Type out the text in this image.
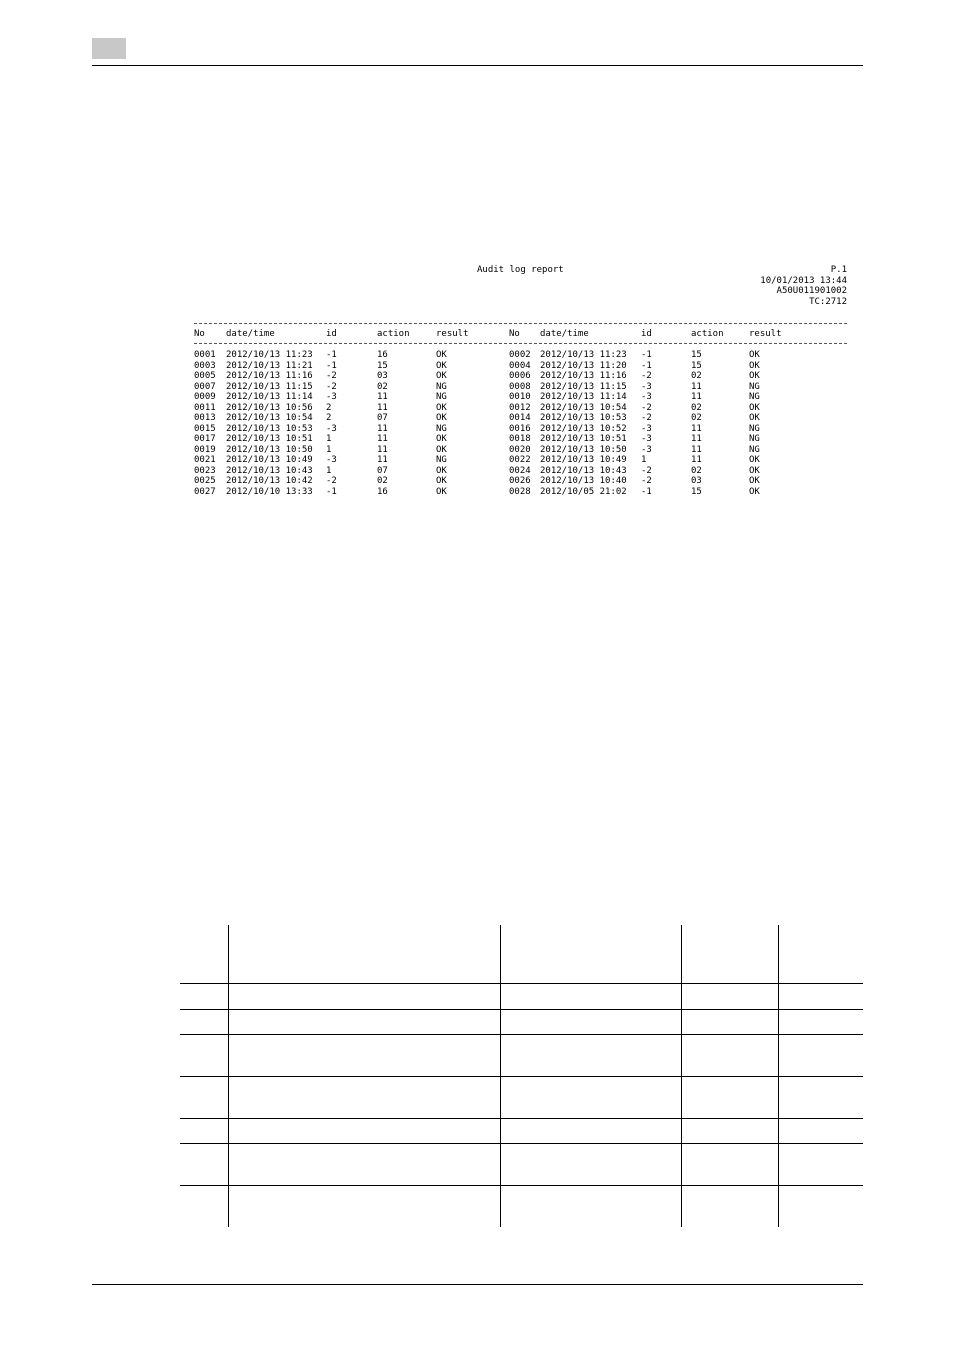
Audit log report	P.1
10/01/2013 13:44
A50U011901002
TC:2712
No date/time	id	action	result	No date/time	id	action	result
0001 2012/10/13 11:23 -1	16	OK	0002 2012/10/13 11:23 -1	15	OK
0003 2012/10/13 11:21 -1	15	OK	0004 2012/10/13 11:20 -1	15	OK
0005 2012/10/13 11:16 -2	03	OK	0006 2012/10/13 11:16 -2	02	OK
0007 2012/10/13 11:15 -2	02	NG	0008 2012/10/13 11:15 -3	11	NG
0009 2012/10/13 11:14 -3	11	NG	0010 2012/10/13 11:14 -3	11	NG
0011 2012/10/13 10:56 2	11	OK	0012 2012/10/13 10:54 -2	02	OK
0013 2012/10/13 10:54 2	07	OK	0014 2012/10/13 10:53 -2	02	OK
0015 2012/10/13 10:53 -3	11	NG	0016 2012/10/13 10:52 -3	11	NG
0017 2012/10/13 10:51 1	11	OK	0018 2012/10/13 10:51 -3	11	NG
0019 2012/10/13 10:50 1	11	OK	0020 2012/10/13 10:50 -3	11	NG
0021 2012/10/13 10:49 -3	11	NG	0022 2012/10/13 10:49 1	11	OK
0023 2012/10/13 10:43 1	07	OK	0024 2012/10/13 10:43 -2	02	OK
0025 2012/10/13 10:42 -2	02	OK	0026 2012/10/13 10:40 -2	03	OK
0027 2012/10/10 13:33 -1	16	OK	0028 2012/10/05 21:02 -1	15	OK
